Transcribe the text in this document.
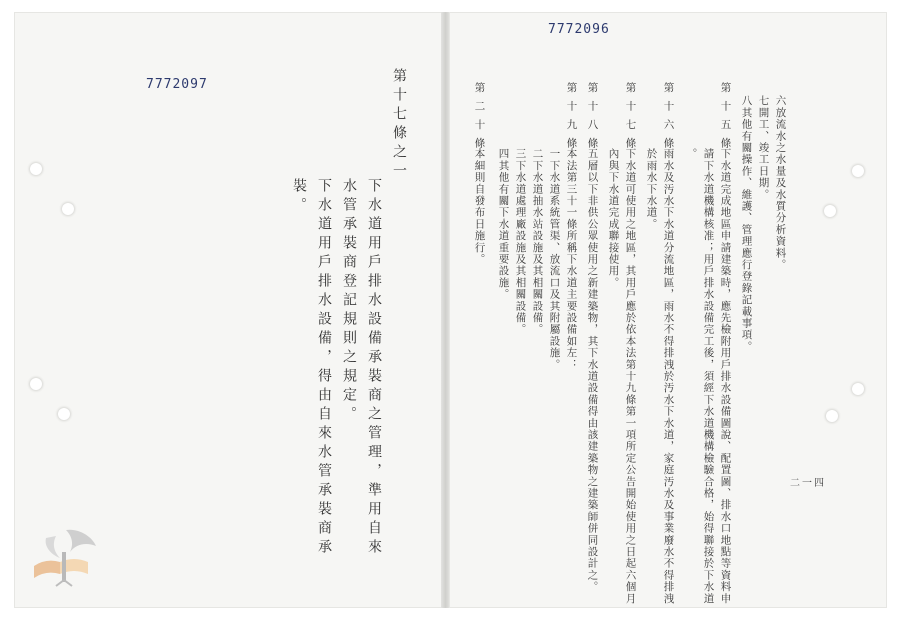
7772097	第十七條之一
下水道用戶排水設備承裝商之管理，準用自來
水管承裝商登記規則之規定。
下水道用戶排水設備，得由自來水管承裝商承
裝。
7772096
六放流水之水量及水質分析資料。
七開工、竣工日期。
八其他有關操作、維護、管理應行登錄記載事項。
第十五條
下水道完成地區申請建築時，應先檢附用戶排水設備圖說、配置圖、排水口地點等資料申
請下水道機構核准；用戶排水設備完工後，須經下水道機構檢驗合格，始得聯接於下水道
。
第十六條
雨水及汚水下水道分流地區，雨水不得排洩於汚水下水道，家庭汚水及事業廢水不得排洩
於雨水下水道。
第十七條
下水道可使用之地區，其用戶應於依本法第十九條第一項所定公告開始使用之日起六個月
內與下水道完成聯接使用。
第十八條
五層以下非供公眾使用之新建築物，其下水道設備得由該建築物之建築師併同設計之。
第十九條
本法第三十一條所稱下水道主要設備如左：
一下水道系統管渠、放流口及其附屬設施。
二下水道抽水站設施及其相關設備。
三下水道處理廠設施及其相關設備。
四其他有關下水道重要設施。
第二十條
本細則自發布日施行。
二一四
